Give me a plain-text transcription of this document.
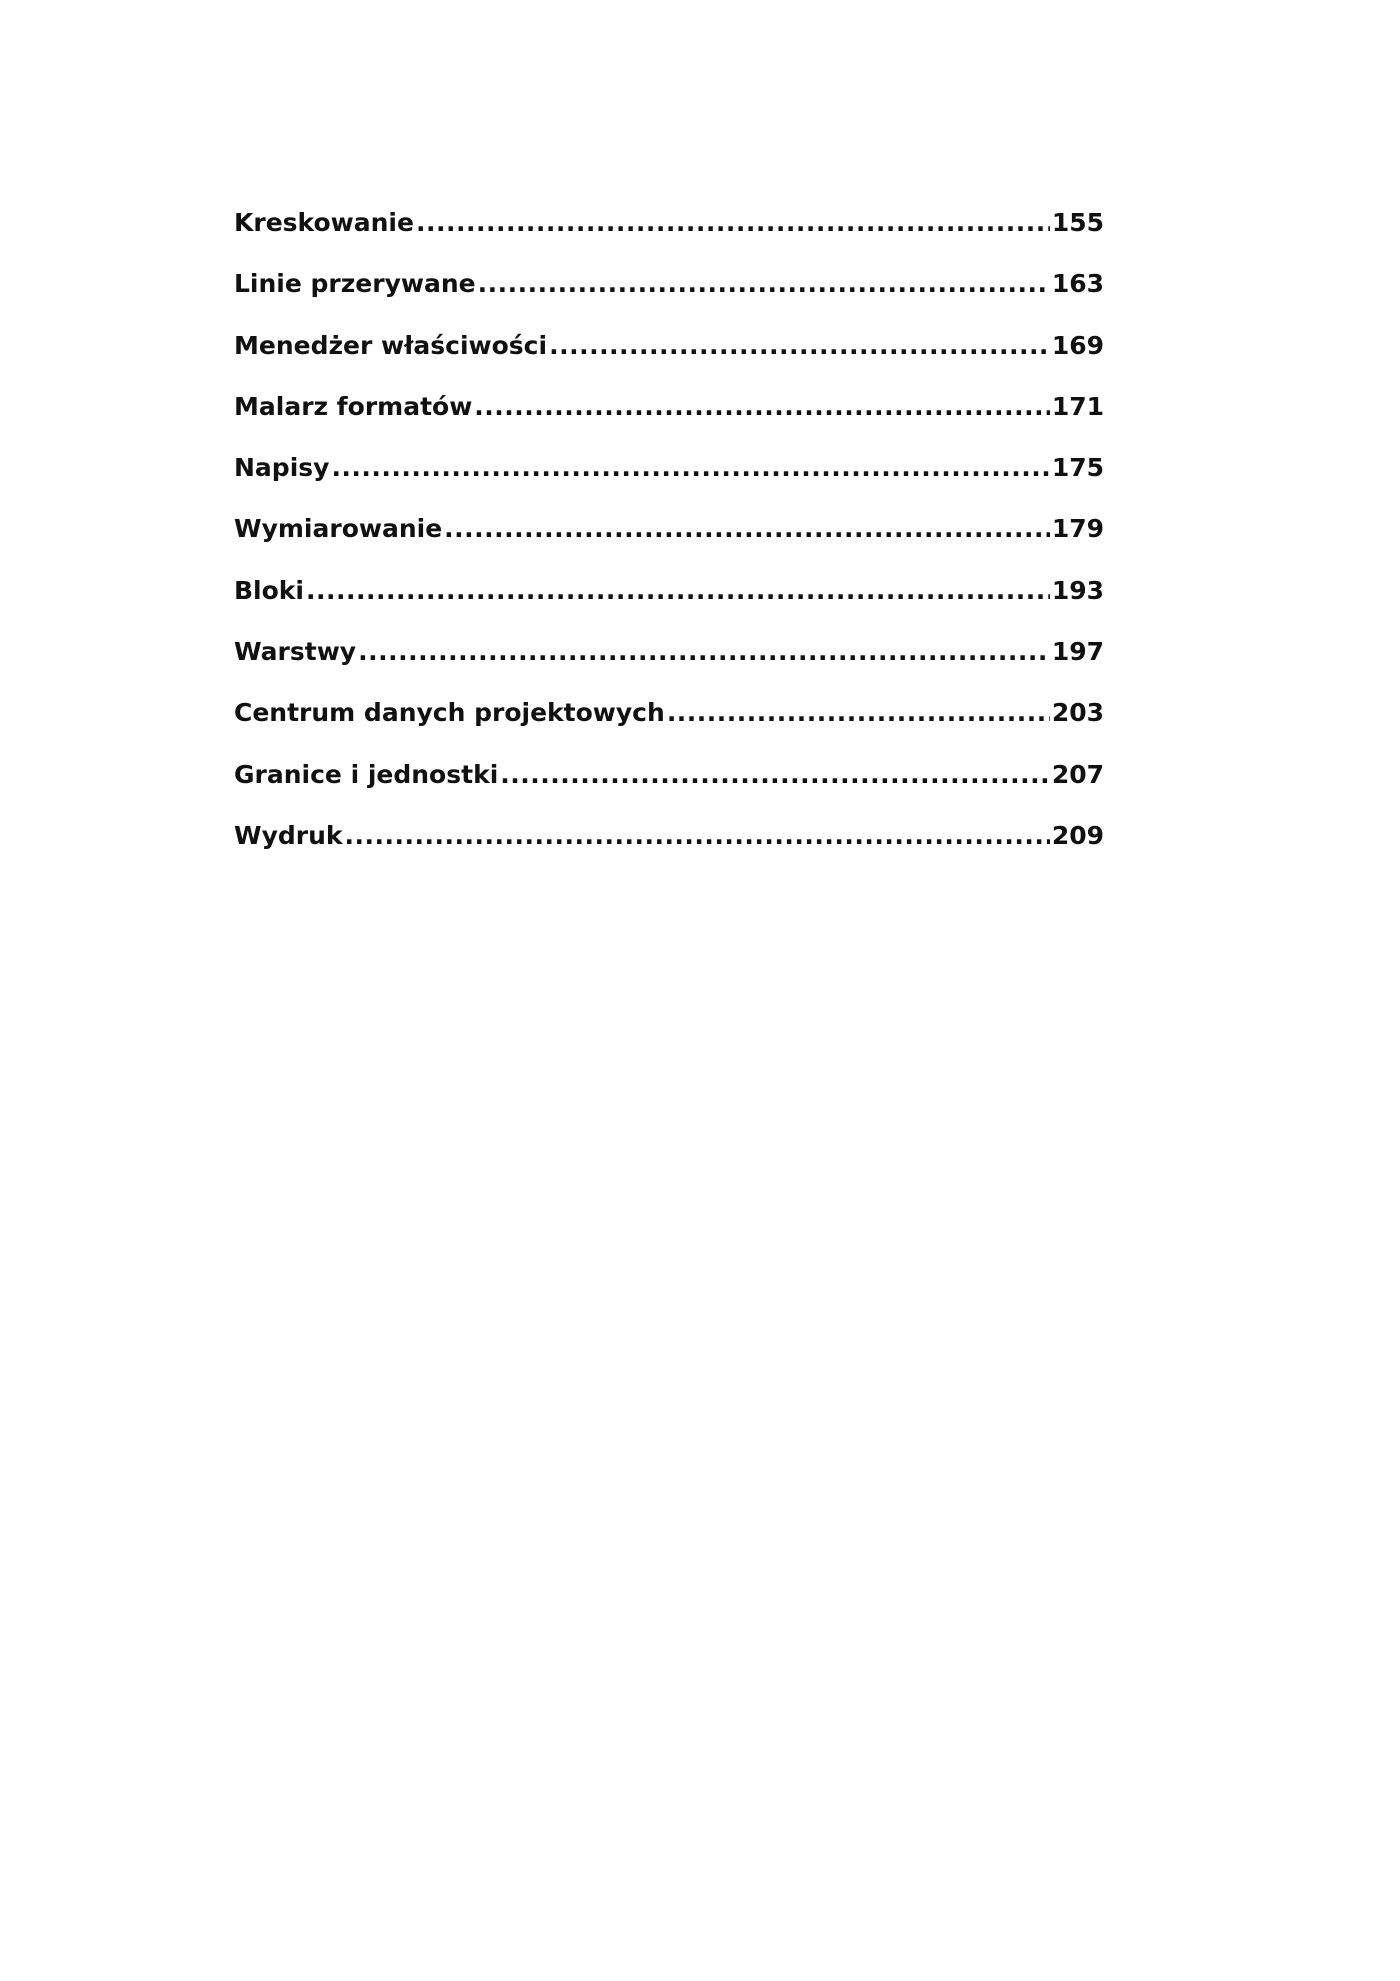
Kreskowanie .....	155
Linie przerywane .....	163
Menedżer właściwości .....	169
Malarz formatów .....	171
Napisy .....	175
Wymiarowanie .....	179
Bloki .....	193
Warstwy .....	197
Centrum danych projektowych .....	203
Granice i jednostki .....	207
Wydruk .....	209
